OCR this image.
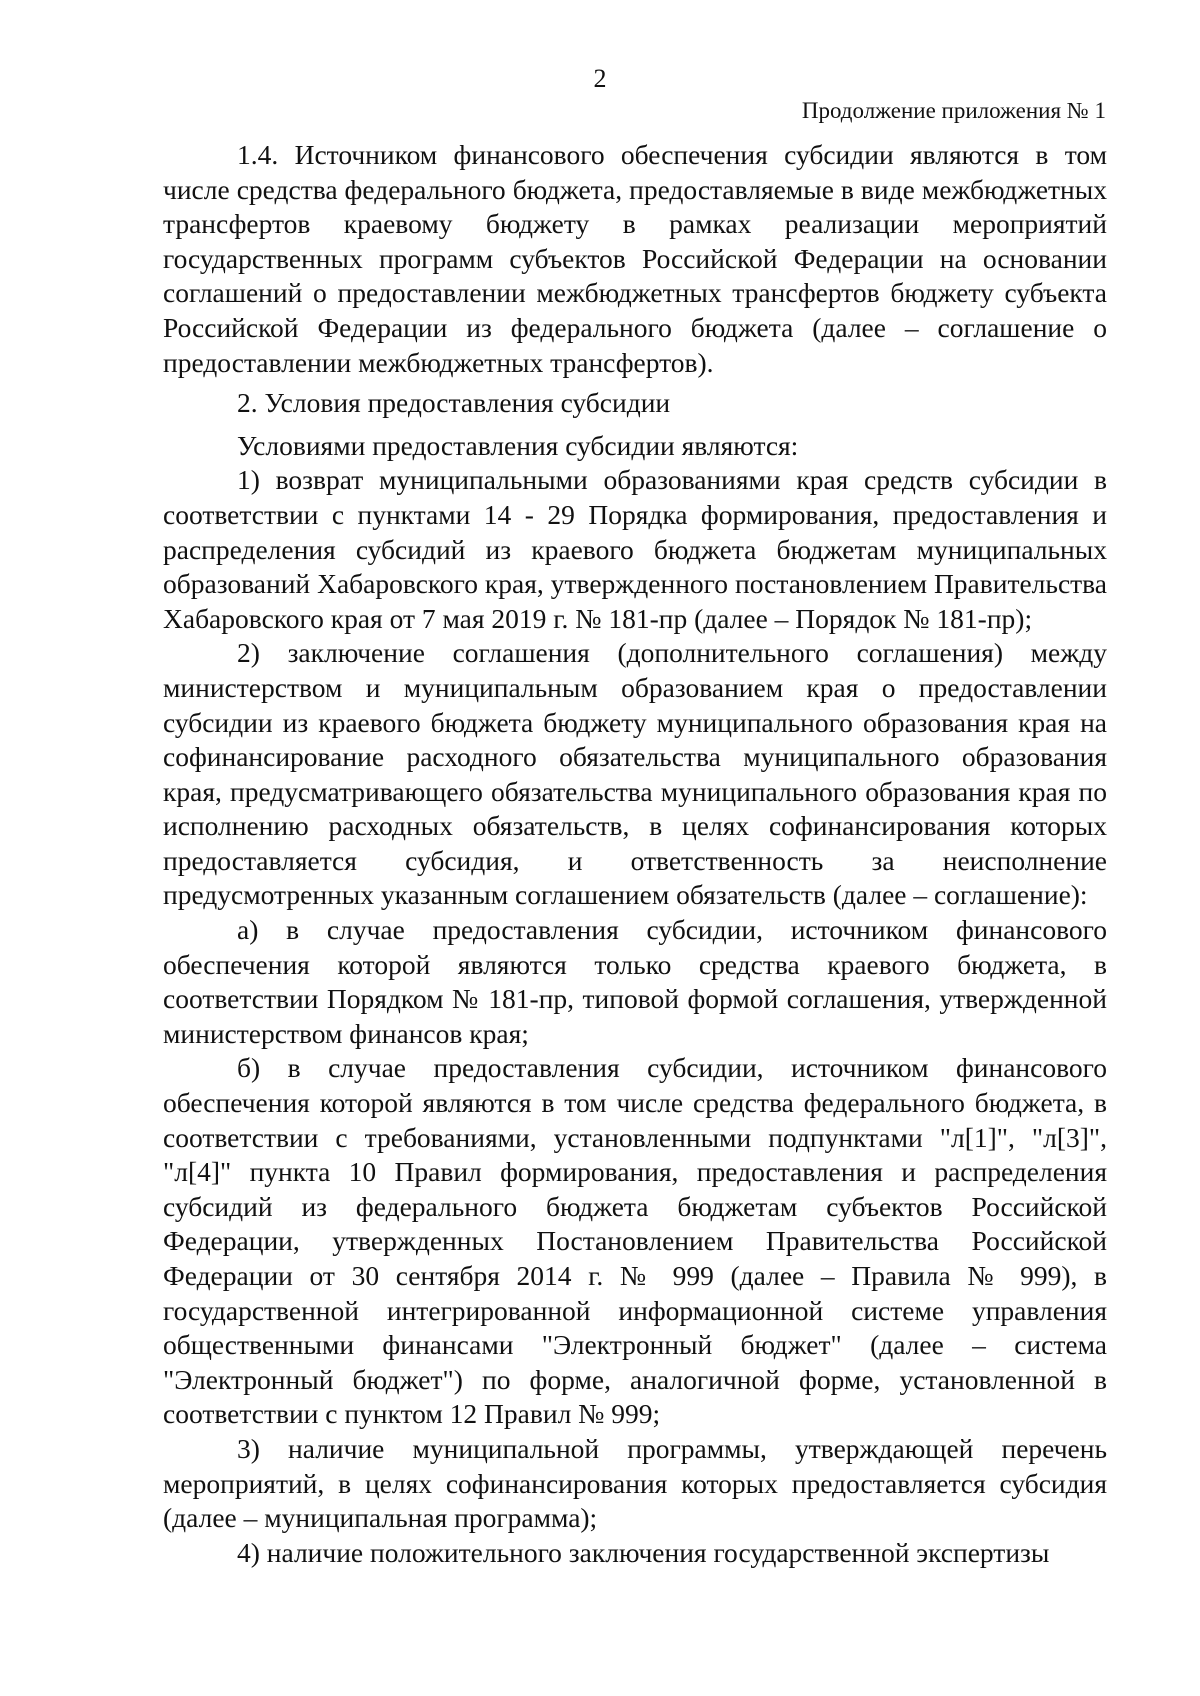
2
Продолжение приложения № 1

1.4. Источником финансового обеспечения субсидии являются в том числе средства федерального бюджета, предоставляемые в виде межбюджетных трансфертов краевому бюджету в рамках реализации мероприятий государственных программ субъектов Российской Федерации на основании соглашений о предоставлении межбюджетных трансфертов бюджету субъекта Российской Федерации из федерального бюджета (далее – соглашение о предоставлении межбюджетных трансфертов).

2. Условия предоставления субсидии

Условиями предоставления субсидии являются:

1) возврат муниципальными образованиями края средств субсидии в соответствии с пунктами 14 - 29 Порядка формирования, предоставления и распределения субсидий из краевого бюджета бюджетам муниципальных образований Хабаровского края, утвержденного постановлением Правительства Хабаровского края от 7 мая 2019 г. № 181-пр (далее – Порядок № 181-пр);

2) заключение соглашения (дополнительного соглашения) между министерством и муниципальным образованием края о предоставлении субсидии из краевого бюджета бюджету муниципального образования края на софинансирование расходного обязательства муниципального образования края, предусматривающего обязательства муниципального образования края по исполнению расходных обязательств, в целях софинансирования которых предоставляется субсидия, и ответственность за неисполнение предусмотренных указанным соглашением обязательств (далее – соглашение):

а) в случае предоставления субсидии, источником финансового обеспечения которой являются только средства краевого бюджета, в соответствии Порядком № 181-пр, типовой формой соглашения, утвержденной министерством финансов края;

б) в случае предоставления субсидии, источником финансового обеспечения которой являются в том числе средства федерального бюджета, в соответствии с требованиями, установленными подпунктами "л[1]", "л[3]", "л[4]" пункта 10 Правил формирования, предоставления и распределения субсидий из федерального бюджета бюджетам субъектов Российской Федерации, утвержденных Постановлением Правительства Российской Федерации от 30 сентября 2014 г. № 999 (далее – Правила № 999), в государственной интегрированной информационной системе управления общественными финансами "Электронный бюджет" (далее – система "Электронный бюджет") по форме, аналогичной форме, установленной в соответствии с пунктом 12 Правил № 999;

3) наличие муниципальной программы, утверждающей перечень мероприятий, в целях софинансирования которых предоставляется субсидия (далее – муниципальная программа);

4) наличие положительного заключения государственной экспертизы
